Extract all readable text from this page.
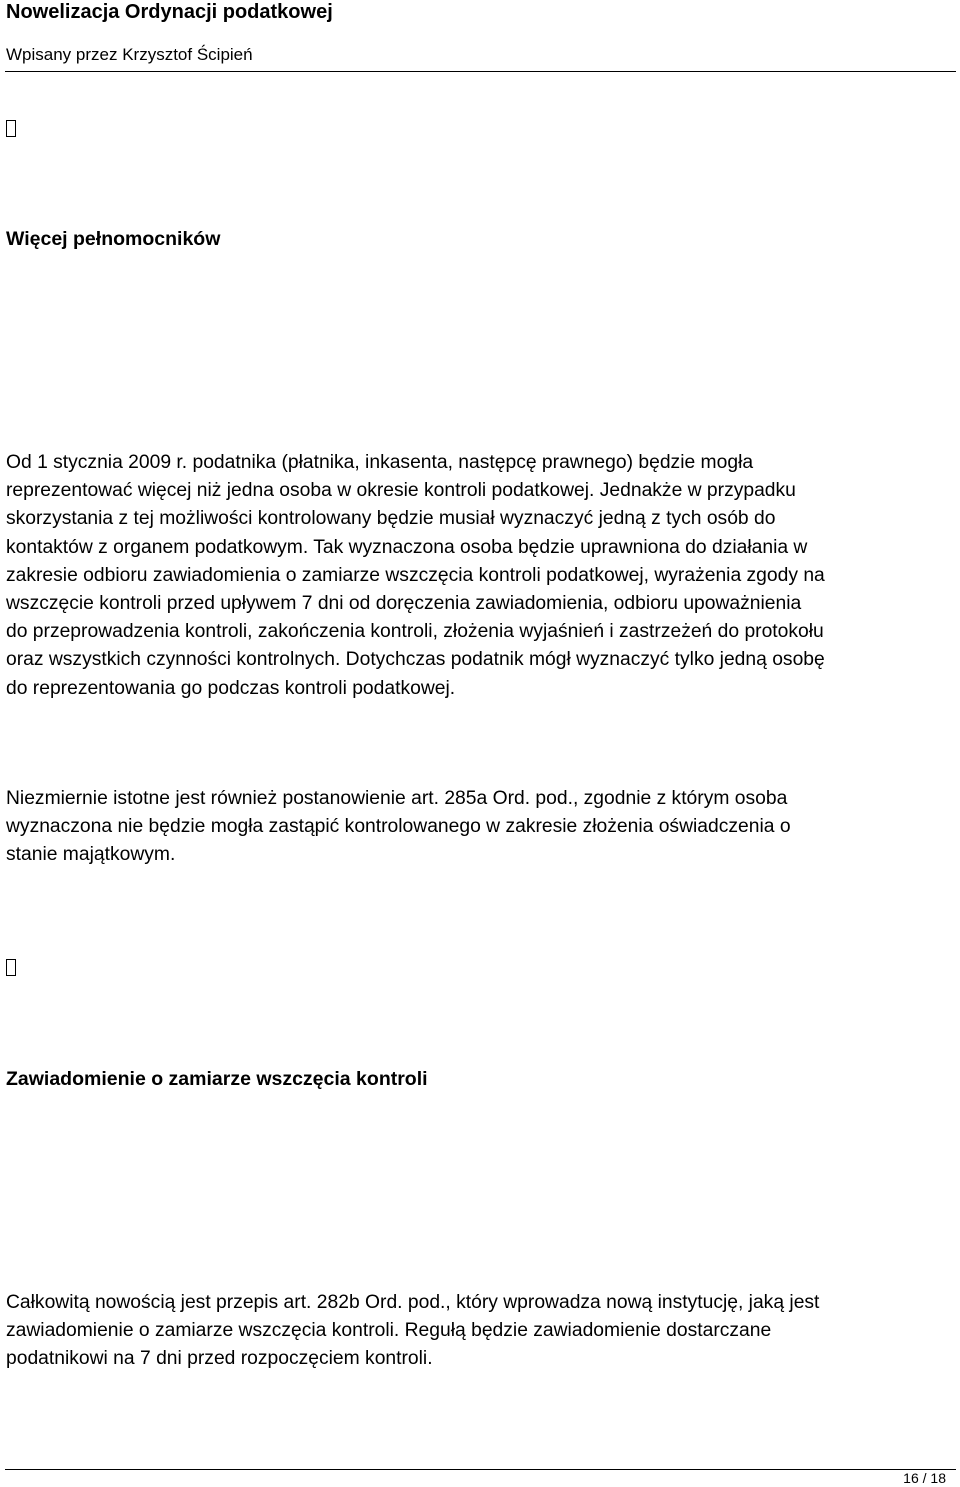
Nowelizacja Ordynacji podatkowej
Wpisany przez Krzysztof Ścipień
Więcej pełnomocników

Od 1 stycznia 2009 r. podatnika (płatnika, inkasenta, następcę prawnego) będzie mogła
reprezentować więcej niż jedna osoba w okresie kontroli podatkowej. Jednakże w przypadku
skorzystania z tej możliwości kontrolowany będzie musiał wyznaczyć jedną z tych osób do
kontaktów z organem podatkowym. Tak wyznaczona osoba będzie uprawniona do działania w
zakresie odbioru zawiadomienia o zamiarze wszczęcia kontroli podatkowej, wyrażenia zgody na
wszczęcie kontroli przed upływem 7 dni od doręczenia zawiadomienia, odbioru upoważnienia
do przeprowadzenia kontroli, zakończenia kontroli, złożenia wyjaśnień i zastrzeżeń do protokołu
oraz wszystkich czynności kontrolnych. Dotychczas podatnik mógł wyznaczyć tylko jedną osobę
do reprezentowania go podczas kontroli podatkowej.

Niezmiernie istotne jest również postanowienie art. 285a Ord. pod., zgodnie z którym osoba
wyznaczona nie będzie mogła zastąpić kontrolowanego w zakresie złożenia oświadczenia o
stanie majątkowym.

Zawiadomienie o zamiarze wszczęcia kontroli

Całkowitą nowością jest przepis art. 282b Ord. pod., który wprowadza nową instytucję, jaką jest
zawiadomienie o zamiarze wszczęcia kontroli. Regułą będzie zawiadomienie dostarczane
podatnikowi na 7 dni przed rozpoczęciem kontroli.

16 / 18
